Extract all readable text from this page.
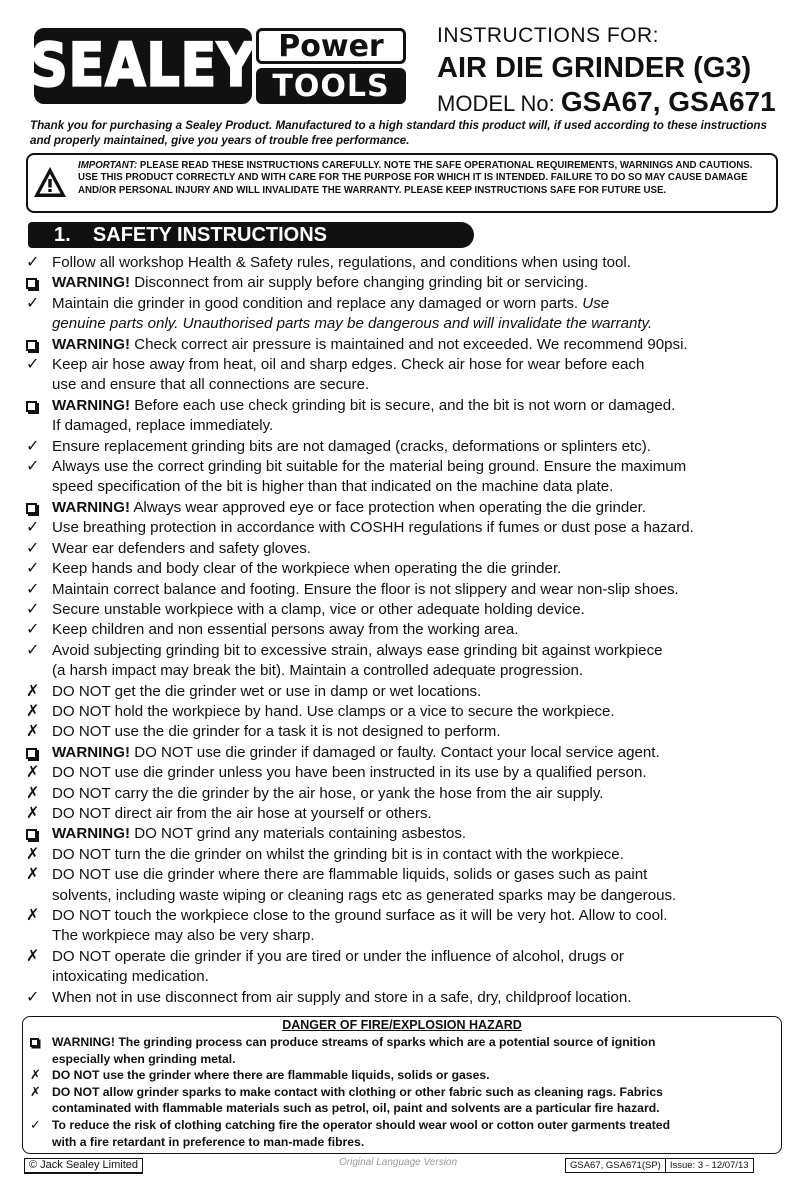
SEALEY Power
TOOLS
INSTRUCTIONS FOR:
AIR DIE GRINDER (G3)
MODEL No: GSA67, GSA671
Thank you for purchasing a Sealey Product. Manufactured to a high standard this product will, if used according to these instructions and properly maintained, give you years of trouble free performance.
IMPORTANT: PLEASE READ THESE INSTRUCTIONS CAREFULLY. NOTE THE SAFE OPERATIONAL REQUIREMENTS, WARNINGS AND CAUTIONS. USE THIS PRODUCT CORRECTLY AND WITH CARE FOR THE PURPOSE FOR WHICH IT IS INTENDED. FAILURE TO DO SO MAY CAUSE DAMAGE AND/OR PERSONAL INJURY AND WILL INVALIDATE THE WARRANTY. PLEASE KEEP INSTRUCTIONS SAFE FOR FUTURE USE.
1. SAFETY INSTRUCTIONS
✓ Follow all workshop Health & Safety rules, regulations, and conditions when using tool.
WARNING! Disconnect from air supply before changing grinding bit or servicing.
✓ Maintain die grinder in good condition and replace any damaged or worn parts. Use
genuine parts only. Unauthorised parts may be dangerous and will invalidate the warranty.
WARNING! Check correct air pressure is maintained and not exceeded. We recommend 90psi.
✓ Keep air hose away from heat, oil and sharp edges. Check air hose for wear before each
use and ensure that all connections are secure.
WARNING! Before each use check grinding bit is secure, and the bit is not worn or damaged.
If damaged, replace immediately.
✓ Ensure replacement grinding bits are not damaged (cracks, deformations or splinters etc).
✓ Always use the correct grinding bit suitable for the material being ground. Ensure the maximum
speed specification of the bit is higher than that indicated on the machine data plate.
WARNING! Always wear approved eye or face protection when operating the die grinder.
✓ Use breathing protection in accordance with COSHH regulations if fumes or dust pose a hazard.
✓ Wear ear defenders and safety gloves.
✓ Keep hands and body clear of the workpiece when operating the die grinder.
✓ Maintain correct balance and footing. Ensure the floor is not slippery and wear non-slip shoes.
✓ Secure unstable workpiece with a clamp, vice or other adequate holding device.
✓ Keep children and non essential persons away from the working area.
✓ Avoid subjecting grinding bit to excessive strain, always ease grinding bit against workpiece
(a harsh impact may break the bit). Maintain a controlled adequate progression.
✗ DO NOT get the die grinder wet or use in damp or wet locations.
✗ DO NOT hold the workpiece by hand. Use clamps or a vice to secure the workpiece.
✗ DO NOT use the die grinder for a task it is not designed to perform.
WARNING! DO NOT use die grinder if damaged or faulty. Contact your local service agent.
✗ DO NOT use die grinder unless you have been instructed in its use by a qualified person.
✗ DO NOT carry the die grinder by the air hose, or yank the hose from the air supply.
✗ DO NOT direct air from the air hose at yourself or others.
WARNING! DO NOT grind any materials containing asbestos.
✗ DO NOT turn the die grinder on whilst the grinding bit is in contact with the workpiece.
✗ DO NOT use die grinder where there are flammable liquids, solids or gases such as paint
solvents, including waste wiping or cleaning rags etc as generated sparks may be dangerous.
✗ DO NOT touch the workpiece close to the ground surface as it will be very hot. Allow to cool.
The workpiece may also be very sharp.
✗ DO NOT operate die grinder if you are tired or under the influence of alcohol, drugs or
intoxicating medication.
✓ When not in use disconnect from air supply and store in a safe, dry, childproof location.
DANGER OF FIRE/EXPLOSION HAZARD
WARNING! The grinding process can produce streams of sparks which are a potential source of ignition
especially when grinding metal.
✗ DO NOT use the grinder where there are flammable liquids, solids or gases.
✗ DO NOT allow grinder sparks to make contact with clothing or other fabric such as cleaning rags. Fabrics
contaminated with flammable materials such as petrol, oil, paint and solvents are a particular fire hazard.
✓ To reduce the risk of clothing catching fire the operator should wear wool or cotton outer garments treated
with a fire retardant in preference to man-made fibres.
© Jack Sealey Limited	Original Language Version	GSA67, GSA671(SP) Issue: 3 - 12/07/13
